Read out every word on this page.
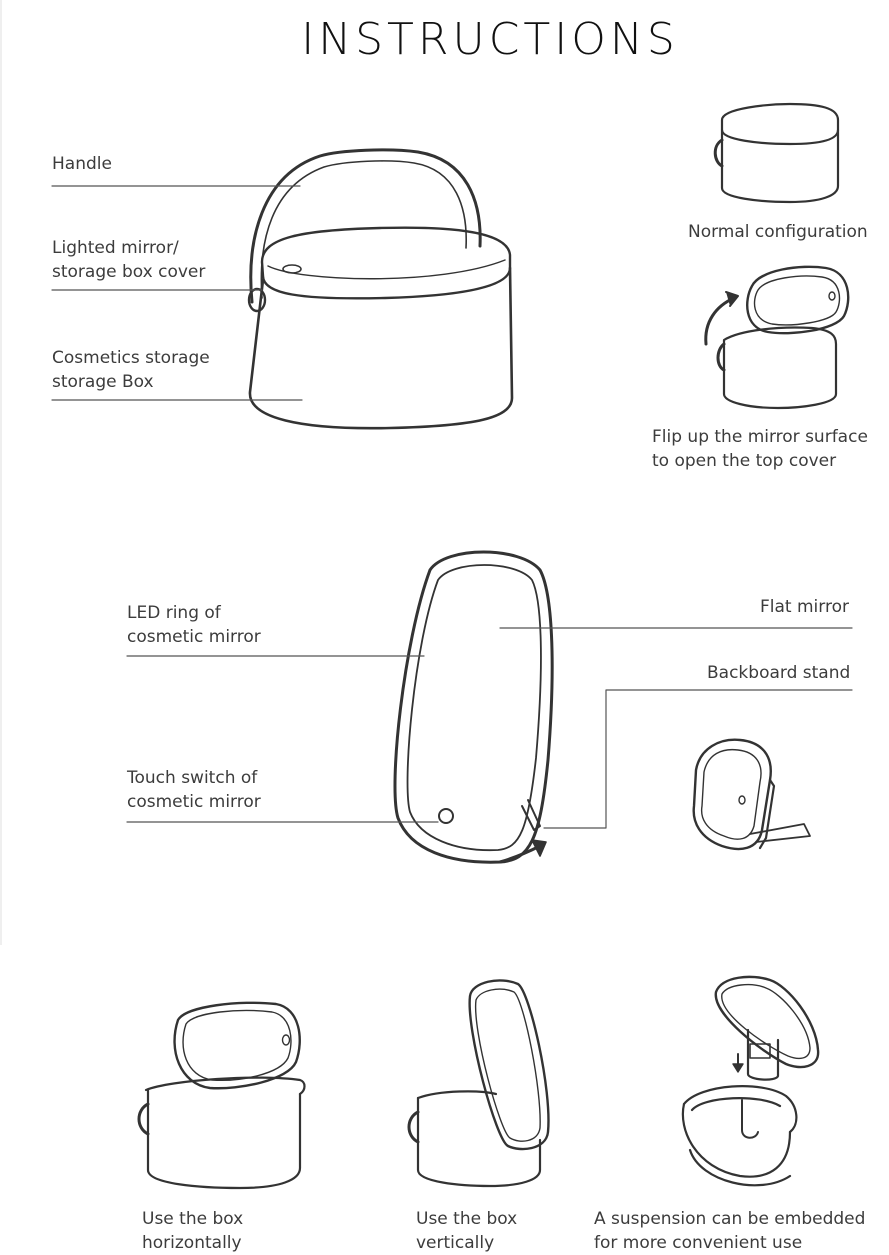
INSTRUCTIONS
Handle
Lighted mirror/
storage box cover
Cosmetics storage
storage Box
Normal configuration
Flip up the mirror surface
to open the top cover
LED ring of
cosmetic mirror
Touch switch of
cosmetic mirror
Flat mirror
Backboard stand
Use the box
horizontally
Use the box
vertically
A suspension can be embedded
for more convenient use
